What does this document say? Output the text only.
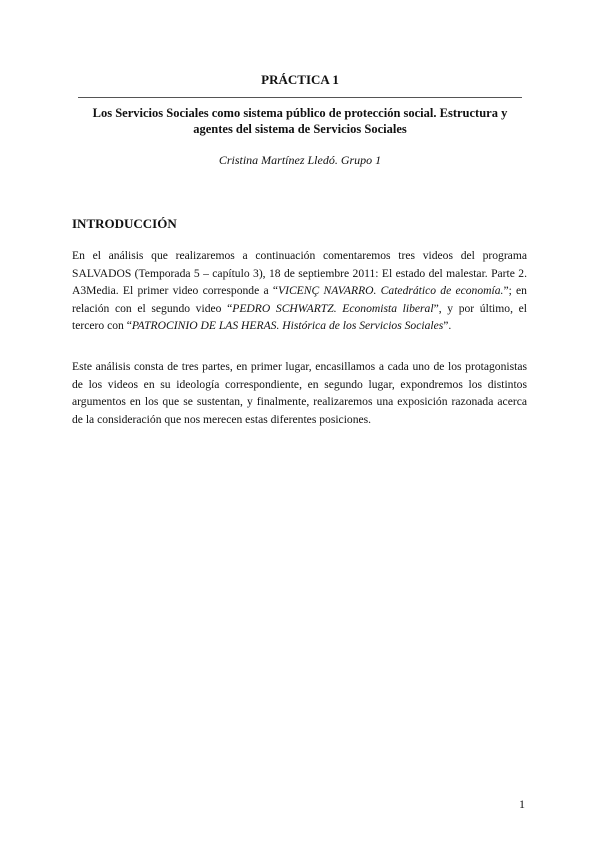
PRÁCTICA 1
Los Servicios Sociales como sistema público de protección social. Estructura y agentes del sistema de Servicios Sociales
Cristina Martínez Lledó. Grupo 1
INTRODUCCIÓN

En el análisis que realizaremos a continuación comentaremos tres videos del programa SALVADOS (Temporada 5 – capítulo 3), 18 de septiembre 2011: El estado del malestar. Parte 2. A3Media. El primer video corresponde a “VICENÇ NAVARRO. Catedrático de economía.”; en relación con el segundo video “PEDRO SCHWARTZ. Economista liberal”, y por último, el tercero con “PATROCINIO DE LAS HERAS. Histórica de los Servicios Sociales”.

Este análisis consta de tres partes, en primer lugar, encasillamos a cada uno de los protagonistas de los videos en su ideología correspondiente, en segundo lugar, expondremos los distintos argumentos en los que se sustentan, y finalmente, realizaremos una exposición razonada acerca de la consideración que nos merecen estas diferentes posiciones.

1
